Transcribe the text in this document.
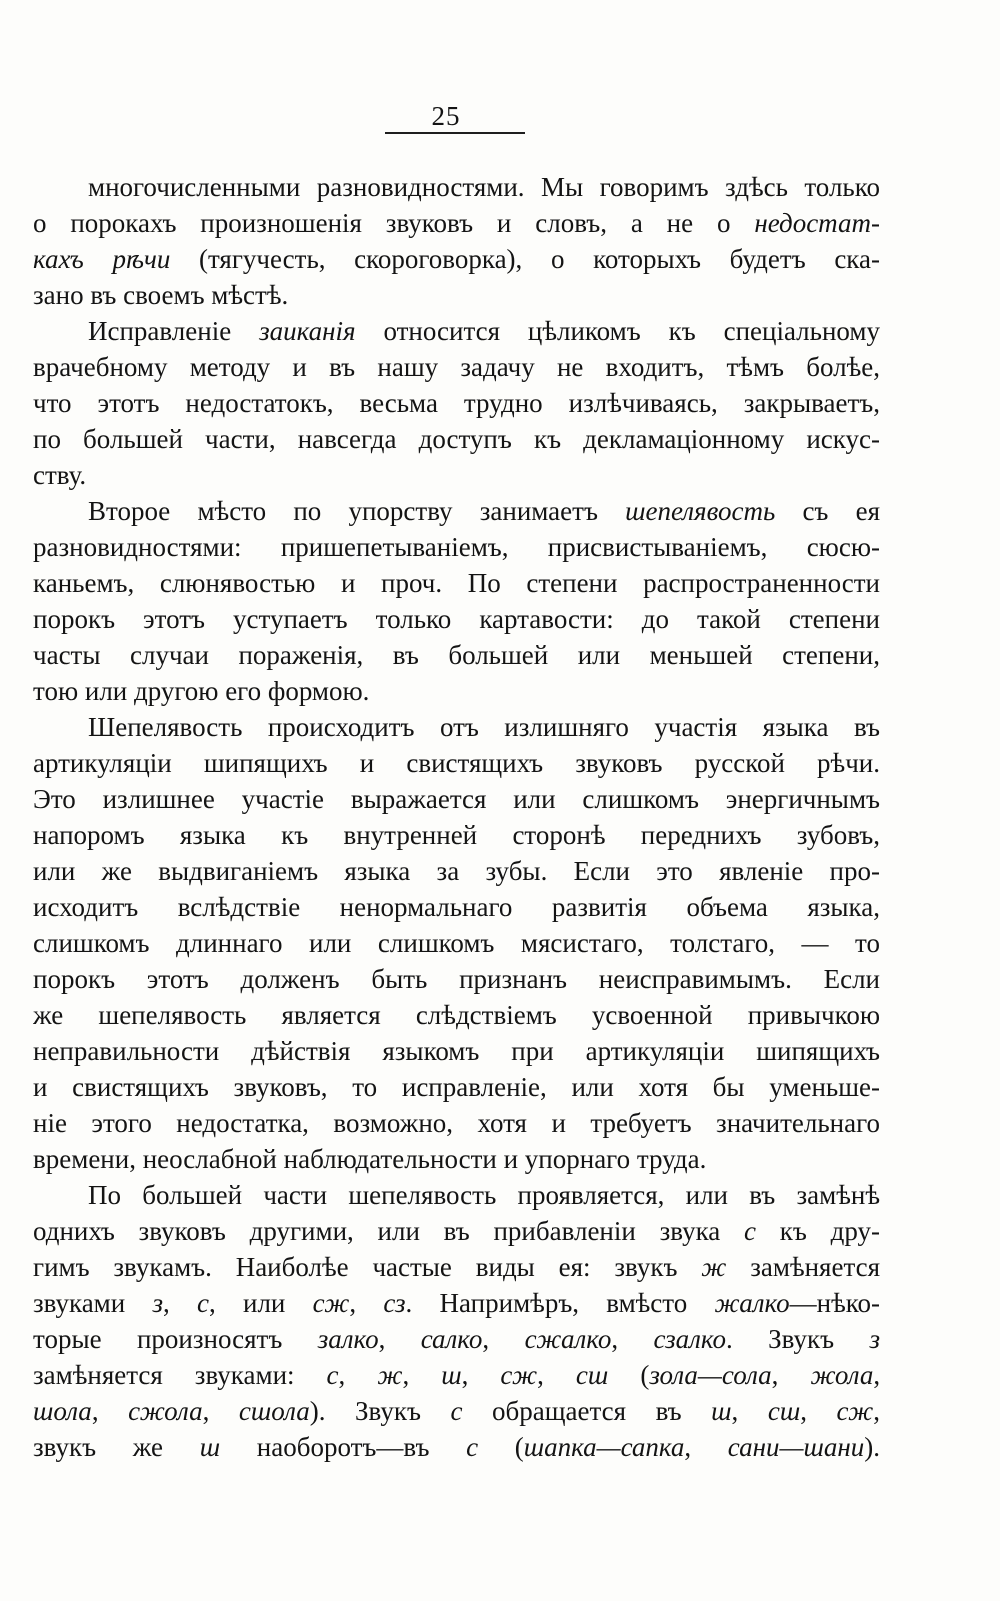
25
многочисленными разновидностями. Мы говоримъ здѣсь только
о порокахъ произношенія звуковъ и словъ, а не о недостат-
кахъ рѣчи (тягучесть, скороговорка), о которыхъ будетъ ска-
зано въ своемъ мѣстѣ.
Исправленіе заиканія относится цѣликомъ къ спеціальному
врачебному методу и въ нашу задачу не входитъ, тѣмъ болѣе,
что этотъ недостатокъ, весьма трудно излѣчиваясь, закрываетъ,
по большей части, навсегда доступъ къ декламаціонному искус-
ству.
Второе мѣсто по упорству занимаетъ шепелявость съ ея
разновидностями: пришепетываніемъ, присвистываніемъ, сюсю-
каньемъ, слюнявостью и проч. По степени распространенности
порокъ этотъ уступаетъ только картавости: до такой степени
часты случаи пораженія, въ большей или меньшей степени,
тою или другою его формою.
Шепелявость происходитъ отъ излишняго участія языка въ
артикуляціи шипящихъ и свистящихъ звуковъ русской рѣчи.
Это излишнее участіе выражается или слишкомъ энергичнымъ
напоромъ языка къ внутренней сторонѣ переднихъ зубовъ,
или же выдвиганіемъ языка за зубы. Если это явленіе про-
исходитъ вслѣдствіе ненормальнаго развитія объема языка,
слишкомъ длиннаго или слишкомъ мясистаго, толстаго, — то
порокъ этотъ долженъ быть признанъ неисправимымъ. Если
же шепелявость является слѣдствіемъ усвоенной привычкою
неправильности дѣйствія языкомъ при артикуляціи шипящихъ
и свистящихъ звуковъ, то исправленіе, или хотя бы уменьше-
ніе этого недостатка, возможно, хотя и требуетъ значительнаго
времени, неослабной наблюдательности и упорнаго труда.
По большей части шепелявость проявляется, или въ замѣнѣ
однихъ звуковъ другими, или въ прибавленіи звука с къ дру-
гимъ звукамъ. Наиболѣе частые виды ея: звукъ ж замѣняется
звуками з, с, или сж, сз. Напримѣръ, вмѣсто жалко—нѣко-
торые произносятъ залко, салко, сжалко, сзалко. Звукъ з
замѣняется звуками: с, ж, ш, сж, сш (зола—сола, жола,
шола, сжола, сшола). Звукъ с обращается въ ш, сш, сж,
звукъ же ш наоборотъ—въ с (шапка—сапка, сани—шани).
